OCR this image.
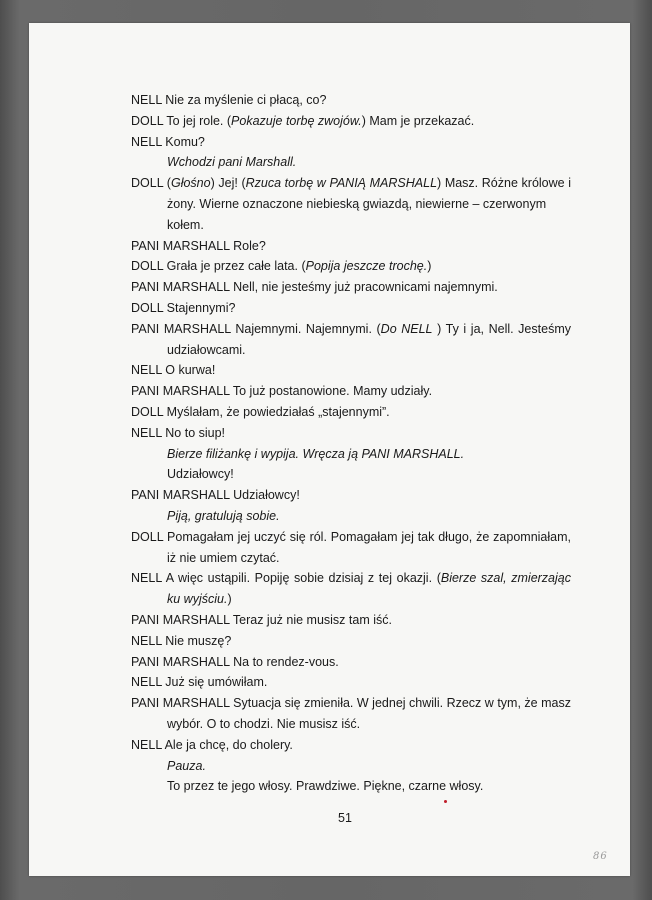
NELL Nie za myślenie ci płacą, co?

DOLL To jej role. (Pokazuje torbę zwojów.) Mam je przekazać.

NELL Komu?

Wchodzi pani Marshall.

DOLL (Głośno) Jej! (Rzuca torbę w PANIĄ MARSHALL) Masz. Różne królowe i

żony. Wierne oznaczone niebieską gwiazdą, niewierne – czerwonym

kołem.

PANI MARSHALL Role?

DOLL Grała je przez całe lata. (Popija jeszcze trochę.)

PANI MARSHALL Nell, nie jesteśmy już pracownicami najemnymi.

DOLL Stajennymi?

PANI MARSHALL Najemnymi. Najemnymi. (Do NELL ) Ty i ja, Nell. Jesteśmy

udziałowcami.

NELL O kurwa!

PANI MARSHALL To już postanowione. Mamy udziały.

DOLL Myślałam, że powiedziałaś „stajennymi”.

NELL No to siup!

Bierze filiżankę i wypija. Wręcza ją PANI MARSHALL.

Udziałowcy!

PANI MARSHALL Udziałowcy!

Piją, gratulują sobie.

DOLL Pomagałam jej uczyć się ról. Pomagałam jej tak długo, że zapomniałam,

iż nie umiem czytać.

NELL A więc ustąpili. Popiję sobie dzisiaj z tej okazji. (Bierze szal, zmierzając

ku wyjściu.)

PANI MARSHALL Teraz już nie musisz tam iść.

NELL Nie muszę?

PANI MARSHALL Na to rendez-vous.

NELL Już się umówiłam.

PANI MARSHALL Sytuacja się zmieniła. W jednej chwili. Rzecz w tym, że masz

wybór. O to chodzi. Nie musisz iść.

NELL Ale ja chcę, do cholery.

Pauza.

To przez te jego włosy. Prawdziwe. Piękne, czarne włosy.

51
86
